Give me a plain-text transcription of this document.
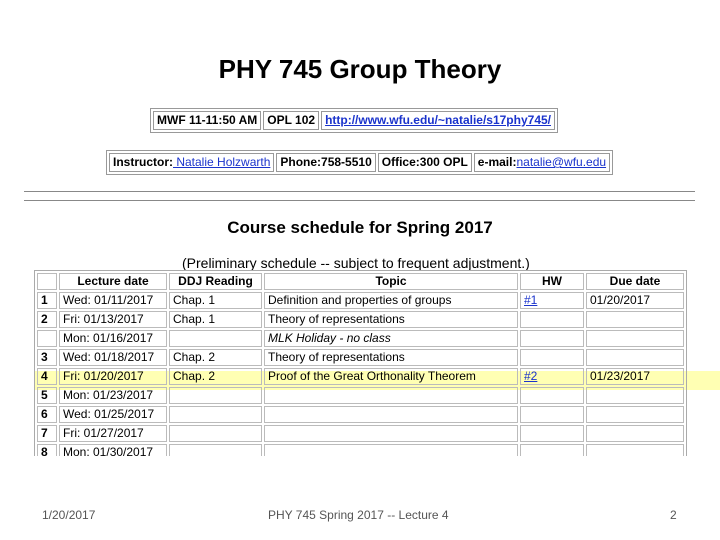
PHY 745 Group Theory
MWF 11-11:50 AM	OPL 102	http://www.wfu.edu/~natalie/s17phy745/
Instructor: Natalie Holzwarth	Phone:758-5510	Office:300 OPL	e-mail:natalie@wfu.edu
Course schedule for Spring 2017
(Preliminary schedule -- subject to frequent adjustment.)
	Lecture date	DDJ Reading	Topic	HW	Due date
1	Wed: 01/11/2017	Chap. 1	Definition and properties of groups	#1	01/20/2017
2	Fri: 01/13/2017	Chap. 1	Theory of representations		
	Mon: 01/16/2017		MLK Holiday - no class		
3	Wed: 01/18/2017	Chap. 2	Theory of representations		
4	Fri: 01/20/2017	Chap. 2	Proof of the Great Orthonality Theorem	#2	01/23/2017
5	Mon: 01/23/2017				
6	Wed: 01/25/2017				
7	Fri: 01/27/2017				
8	Mon: 01/30/2017				
1/20/2017	PHY 745 Spring 2017 -- Lecture 4	2
